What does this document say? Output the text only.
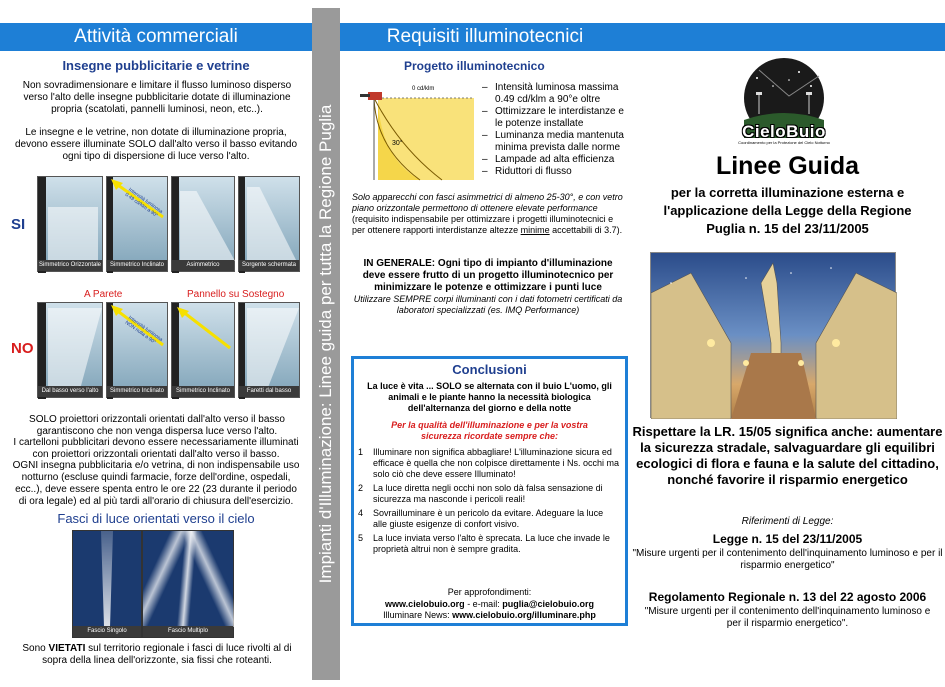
Attività commerciali
Insegne pubblicitarie e vetrine
Non sovradimensionare e limitare il flusso luminoso disperso verso l'alto delle insegne pubblicitarie dotate di illuminazione propria (scatolati, pannelli luminosi, neon, etc..).
Le insegne e le vetrine, non dotate di illuminazione propria, devono essere illuminate SOLO dall'alto verso il basso evitando ogni tipo di dispersione di luce verso l'alto.
SI
Simmetrico Orizzontale
Intensità luminosa 0.49 cd/klm a 90°
Simmetrico Inclinato	Asimmetrico Orizzontale
Sorgente schermata
A Parete	Pannello su Sostegno
NO
Dal basso verso l'alto
Intensità luminosa NON nulla a 90°
Simmetrico Inclinato	Simmetrico Inclinato	Faretti dal basso
SOLO proiettori orizzontali orientati dall'alto verso il basso garantiscono che non venga dispersa luce verso l'alto.
I cartelloni pubblicitari devono essere necessariamente illuminati con proiettori orizzontali orientati dall'alto verso il basso.
OGNI insegna pubblicitaria e/o vetrina, di non indispensabile uso notturno (escluse quindi farmacie, forze dell'ordine, ospedali, ecc..), deve essere spenta entro le ore 22 (23 durante il periodo di ora legale) ed al più tardi all'orario di chiusura dell'esercizio.
Fasci di luce orientati verso il cielo
Fascio Singolo	Fascio Multiplo
Sono VIETATI sul territorio regionale i fasci di luce rivolti al di sopra della linea dell'orizzonte, sia fissi che roteanti.
Impianti d'Illuminazione: Linee guida per tutta la Regione Puglia
Requisiti illuminotecnici
Progetto illuminotecnico
0 cd/klm
30°
– Intensità luminosa massima 0.49 cd/klm a 90°e oltre
– Ottimizzare le interdistanze e le potenze installate
– Luminanza media mantenuta minima prevista dalle norme
– Lampade ad alta efficienza
– Riduttori di flusso
Solo apparecchi con fasci asimmetrici di almeno 25-30°, e con vetro piano orizzontale permettono di ottenere elevate performance (requisito indispensabile per ottimizzare i progetti illuminotecnici e per ottenere rapporti interdistanze altezze minime accettabili di 3.7).
IN GENERALE: Ogni tipo di impianto d'illuminazione deve essere frutto di un progetto illuminotecnico per minimizzare le potenze e ottimizzare i punti luce
Utilizzare SEMPRE corpi illuminanti con i dati fotometri certificati da laboratori specializzati (es. IMQ Performance)
Conclusioni
La luce è vita ... SOLO se alternata con il buio L'uomo, gli animali e le piante hanno la necessità biologica dell'alternanza del giorno e della notte
Per la qualità dell'illuminazione e per la vostra sicurezza ricordate sempre che:
1 Illuminare non significa abbagliare! L'illuminazione sicura ed efficace è quella che non colpisce direttamente i Ns. occhi ma solo ciò che deve essere Illuminato!
2 La luce diretta negli occhi non solo dà falsa sensazione di sicurezza ma nasconde i pericoli reali!
4 Sovrailluminare è un pericolo da evitare. Adeguare la luce alle giuste esigenze di confort visivo.
5 La luce inviata verso l'alto è sprecata. La luce che invade le proprietà altrui non è sempre gradita.
Per approfondimenti:
www.cielobuio.org - e-mail: puglia@cielobuio.org
Illuminare News: www.cielobuio.org/illuminare.php
CieloBuio
Coordinamento per la Protezione del Cielo Notturno
Linee Guida
per la corretta illuminazione esterna e l'applicazione della Legge della Regione Puglia n. 15 del 23/11/2005
Rispettare la LR. 15/05 significa anche: aumentare la sicurezza stradale, salvaguardare gli equilibri ecologici di flora e fauna e la salute del cittadino, nonché favorire il risparmio energetico
Riferimenti di Legge:
Legge n. 15 del 23/11/2005
"Misure urgenti per il contenimento dell'inquinamento luminoso e per il risparmio energetico"
Regolamento Regionale n. 13 del 22 agosto 2006
"Misure urgenti per il contenimento dell'inquinamento luminoso e per il risparmio energetico".
